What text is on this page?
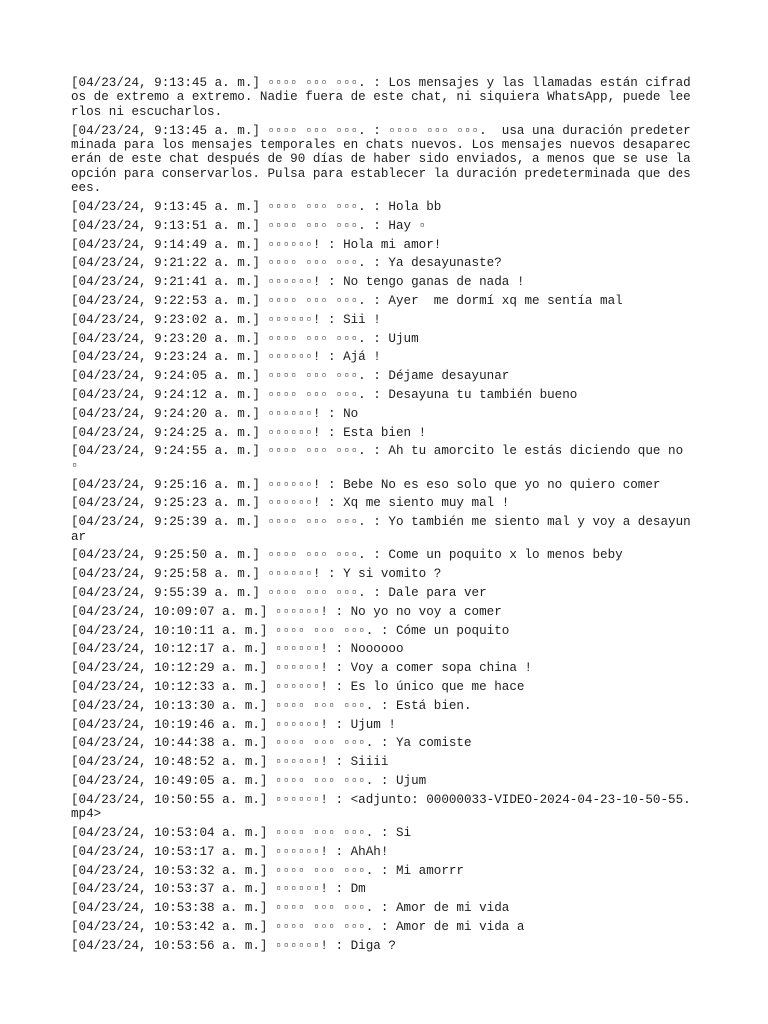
[04/23/24, 9:13:45 a. m.] ▫▫▫▫ ▫▫▫ ▫▫▫. : Los mensajes y las llamadas están cifrados de extremo a extremo. Nadie fuera de este chat, ni siquiera WhatsApp, puede leerlos ni escucharlos.
[04/23/24, 9:13:45 a. m.] ▫▫▫▫ ▫▫▫ ▫▫▫. : ▫▫▫▫ ▫▫▫ ▫▫▫.  usa una duración predeterminada para los mensajes temporales en chats nuevos. Los mensajes nuevos desaparecerán de este chat después de 90 días de haber sido enviados, a menos que se use la opción para conservarlos. Pulsa para establecer la duración predeterminada que desees.
[04/23/24, 9:13:45 a. m.] ▫▫▫▫ ▫▫▫ ▫▫▫. : Hola bb
[04/23/24, 9:13:51 a. m.] ▫▫▫▫ ▫▫▫ ▫▫▫. : Hay ▫
[04/23/24, 9:14:49 a. m.] ▫▫▫▫▫▫! : Hola mi amor!
[04/23/24, 9:21:22 a. m.] ▫▫▫▫ ▫▫▫ ▫▫▫. : Ya desayunaste?
[04/23/24, 9:21:41 a. m.] ▫▫▫▫▫▫! : No tengo ganas de nada !
[04/23/24, 9:22:53 a. m.] ▫▫▫▫ ▫▫▫ ▫▫▫. : Ayer  me dormí xq me sentía mal
[04/23/24, 9:23:02 a. m.] ▫▫▫▫▫▫! : Sii !
[04/23/24, 9:23:20 a. m.] ▫▫▫▫ ▫▫▫ ▫▫▫. : Ujum
[04/23/24, 9:23:24 a. m.] ▫▫▫▫▫▫! : Ajá !
[04/23/24, 9:24:05 a. m.] ▫▫▫▫ ▫▫▫ ▫▫▫. : Déjame desayunar
[04/23/24, 9:24:12 a. m.] ▫▫▫▫ ▫▫▫ ▫▫▫. : Desayuna tu también bueno
[04/23/24, 9:24:20 a. m.] ▫▫▫▫▫▫! : No
[04/23/24, 9:24:25 a. m.] ▫▫▫▫▫▫! : Esta bien !
[04/23/24, 9:24:55 a. m.] ▫▫▫▫ ▫▫▫ ▫▫▫. : Ah tu amorcito le estás diciendo que no ▫
[04/23/24, 9:25:16 a. m.] ▫▫▫▫▫▫! : Bebe No es eso solo que yo no quiero comer
[04/23/24, 9:25:23 a. m.] ▫▫▫▫▫▫! : Xq me siento muy mal !
[04/23/24, 9:25:39 a. m.] ▫▫▫▫ ▫▫▫ ▫▫▫. : Yo también me siento mal y voy a desayunar
[04/23/24, 9:25:50 a. m.] ▫▫▫▫ ▫▫▫ ▫▫▫. : Come un poquito x lo menos beby
[04/23/24, 9:25:58 a. m.] ▫▫▫▫▫▫! : Y si vomito ?
[04/23/24, 9:55:39 a. m.] ▫▫▫▫ ▫▫▫ ▫▫▫. : Dale para ver
[04/23/24, 10:09:07 a. m.] ▫▫▫▫▫▫! : No yo no voy a comer
[04/23/24, 10:10:11 a. m.] ▫▫▫▫ ▫▫▫ ▫▫▫. : Cóme un poquito
[04/23/24, 10:12:17 a. m.] ▫▫▫▫▫▫! : Noooooo
[04/23/24, 10:12:29 a. m.] ▫▫▫▫▫▫! : Voy a comer sopa china !
[04/23/24, 10:12:33 a. m.] ▫▫▫▫▫▫! : Es lo único que me hace
[04/23/24, 10:13:30 a. m.] ▫▫▫▫ ▫▫▫ ▫▫▫. : Está bien.
[04/23/24, 10:19:46 a. m.] ▫▫▫▫▫▫! : Ujum !
[04/23/24, 10:44:38 a. m.] ▫▫▫▫ ▫▫▫ ▫▫▫. : Ya comiste
[04/23/24, 10:48:52 a. m.] ▫▫▫▫▫▫! : Siiii
[04/23/24, 10:49:05 a. m.] ▫▫▫▫ ▫▫▫ ▫▫▫. : Ujum
[04/23/24, 10:50:55 a. m.] ▫▫▫▫▫▫! : <adjunto: 00000033-VIDEO-2024-04-23-10-50-55.mp4>
[04/23/24, 10:53:04 a. m.] ▫▫▫▫ ▫▫▫ ▫▫▫. : Si
[04/23/24, 10:53:17 a. m.] ▫▫▫▫▫▫! : AhAh!
[04/23/24, 10:53:32 a. m.] ▫▫▫▫ ▫▫▫ ▫▫▫. : Mi amorrr
[04/23/24, 10:53:37 a. m.] ▫▫▫▫▫▫! : Dm
[04/23/24, 10:53:38 a. m.] ▫▫▫▫ ▫▫▫ ▫▫▫. : Amor de mi vida
[04/23/24, 10:53:42 a. m.] ▫▫▫▫ ▫▫▫ ▫▫▫. : Amor de mi vida a
[04/23/24, 10:53:56 a. m.] ▫▫▫▫▫▫! : Diga ?
